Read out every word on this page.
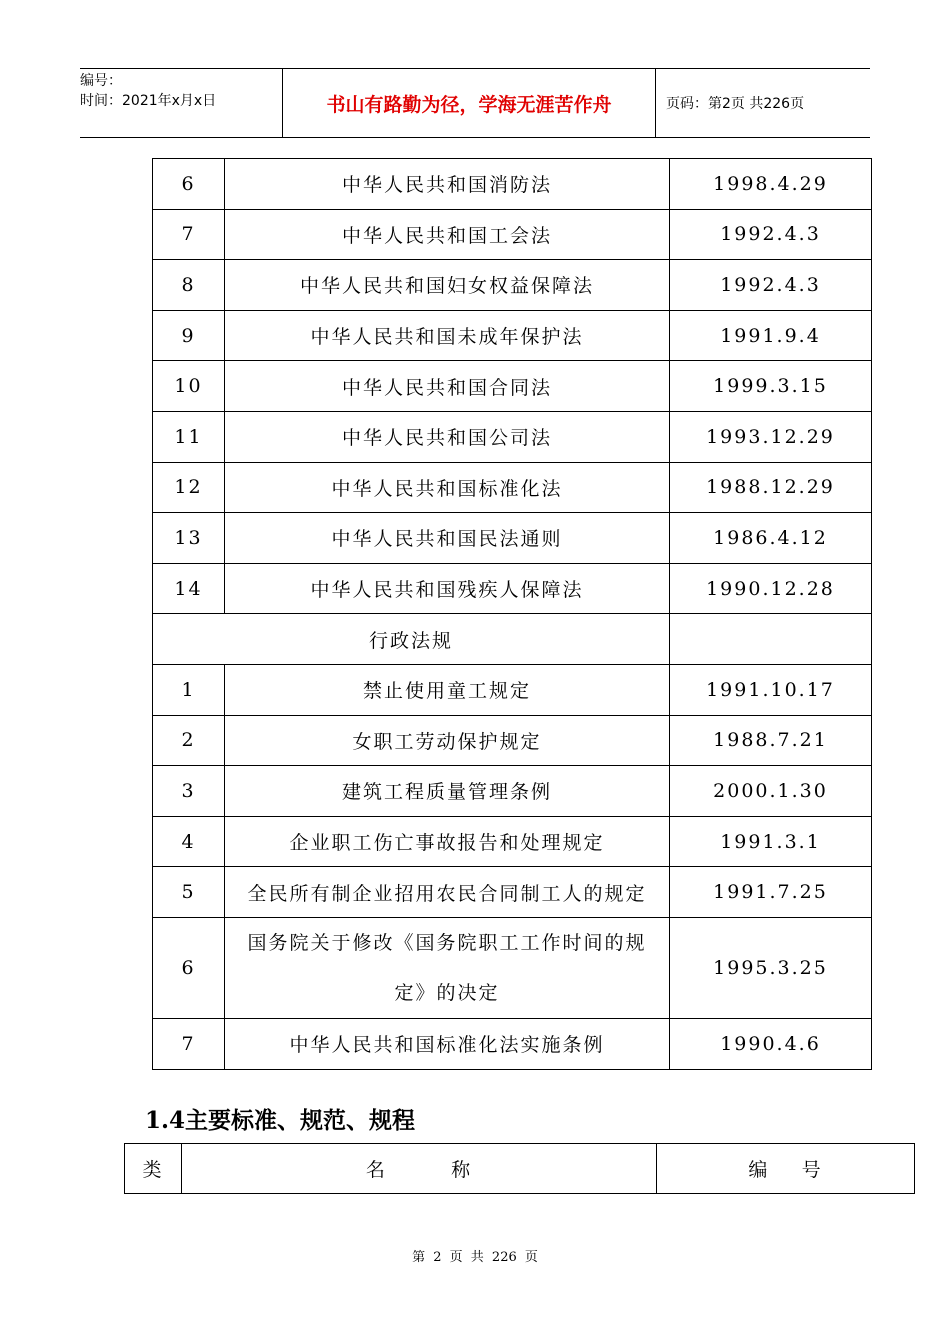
编号：
时间：2021年x月x日	书山有路勤为径，学海无涯苦作舟	页码：第2页 共226页
6	中华人民共和国消防法	1998.4.29
7	中华人民共和国工会法	1992.4.3
8	中华人民共和国妇女权益保障法	1992.4.3
9	中华人民共和国未成年保护法	1991.9.4
10	中华人民共和国合同法	1999.3.15
11	中华人民共和国公司法	1993.12.29
12	中华人民共和国标准化法	1988.12.29
13	中华人民共和国民法通则	1986.4.12
14	中华人民共和国残疾人保障法	1990.12.28
行政法规		
1	禁止使用童工规定	1991.10.17
2	女职工劳动保护规定	1988.7.21
3	建筑工程质量管理条例	2000.1.30
4	企业职工伤亡事故报告和处理规定	1991.3.1
5	全民所有制企业招用农民合同制工人的规定	1991.7.25
6	国务院关于修改《国务院职工工作时间的规定》的决定	1995.3.25
7	中华人民共和国标准化法实施条例	1990.4.6
1.4主要标准、规范、规程
类	名        称	编    号
第 2 页 共 226 页
